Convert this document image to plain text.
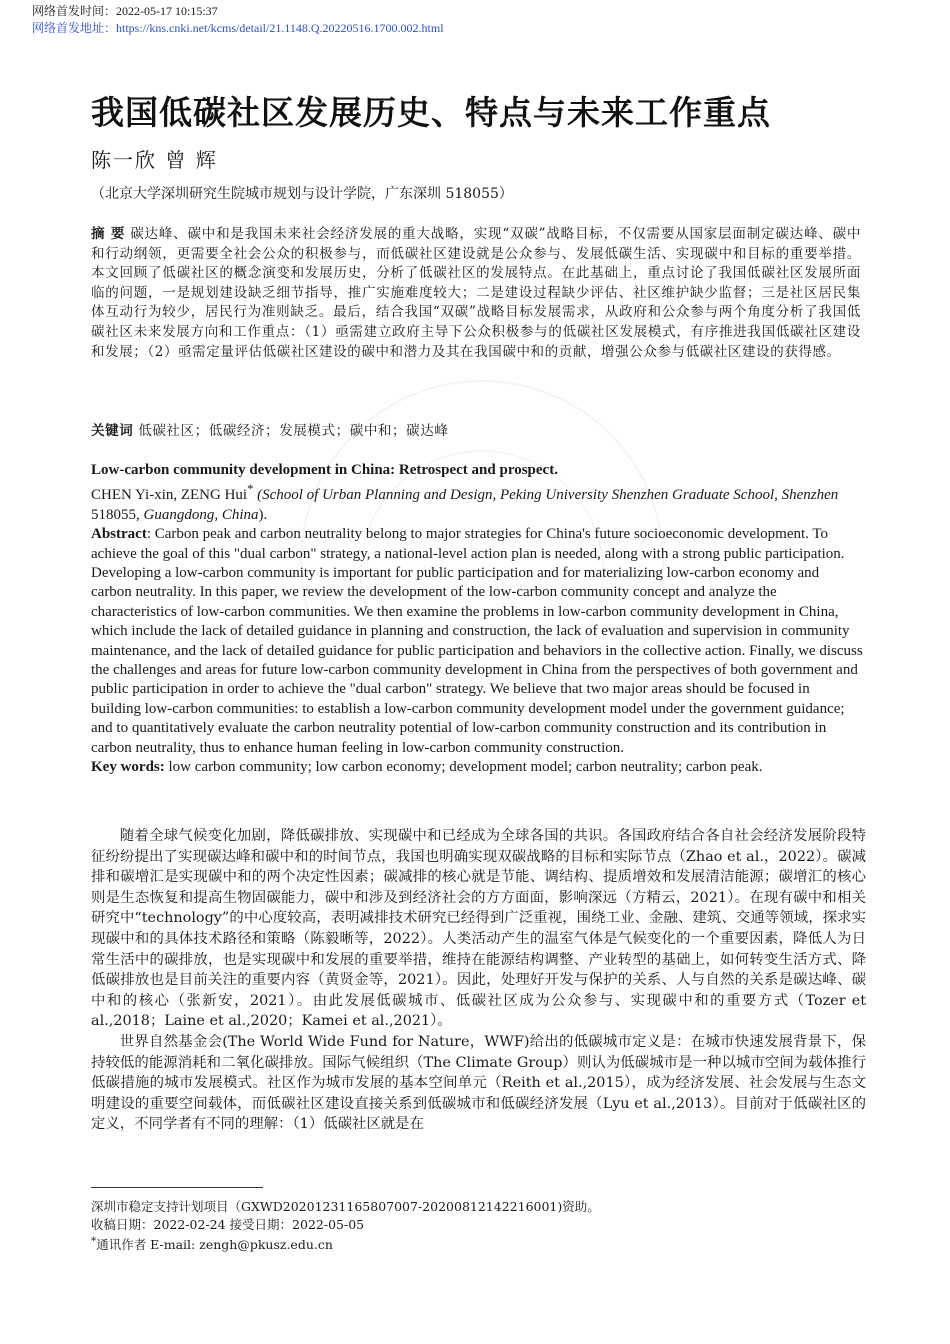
网络首发时间：2022-05-17 10:15:37
网络首发地址：https://kns.cnki.net/kcms/detail/21.1148.Q.20220516.1700.002.html
我国低碳社区发展历史、特点与未来工作重点
陈一欣 曾 辉
（北京大学深圳研究生院城市规划与设计学院，广东深圳 518055）
摘 要 碳达峰、碳中和是我国未来社会经济发展的重大战略，实现“双碳”战略目标，不仅需要从国家层面制定碳达峰、碳中和行动纲领，更需要全社会公众的积极参与，而低碳社区建设就是公众参与、发展低碳生活、实现碳中和目标的重要举措。本文回顾了低碳社区的概念演变和发展历史，分析了低碳社区的发展特点。在此基础上，重点讨论了我国低碳社区发展所面临的问题，一是规划建设缺乏细节指导，推广实施难度较大；二是建设过程缺少评估、社区维护缺少监督；三是社区居民集体互动行为较少，居民行为准则缺乏。最后，结合我国“双碳”战略目标发展需求，从政府和公众参与两个角度分析了我国低碳社区未来发展方向和工作重点：（1）亟需建立政府主导下公众积极参与的低碳社区发展模式，有序推进我国低碳社区建设和发展；（2）亟需定量评估低碳社区建设的碳中和潜力及其在我国碳中和的贡献，增强公众参与低碳社区建设的获得感。
关键词 低碳社区；低碳经济；发展模式；碳中和；碳达峰
Low-carbon community development in China: Retrospect and prospect.
CHEN Yi-xin, ZENG Hui* (School of Urban Planning and Design, Peking University Shenzhen Graduate School, Shenzhen 518055, Guangdong, China).
Abstract: Carbon peak and carbon neutrality belong to major strategies for China's future socioeconomic development. To achieve the goal of this "dual carbon" strategy, a national-level action plan is needed, along with a strong public participation. Developing a low-carbon community is important for public participation and for materializing low-carbon economy and carbon neutrality. In this paper, we review the development of the low-carbon community concept and analyze the characteristics of low-carbon communities. We then examine the problems in low-carbon community development in China, which include the lack of detailed guidance in planning and construction, the lack of evaluation and supervision in community maintenance, and the lack of detailed guidance for public participation and behaviors in the collective action. Finally, we discuss the challenges and areas for future low-carbon community development in China from the perspectives of both government and public participation in order to achieve the "dual carbon" strategy. We believe that two major areas should be focused in building low-carbon communities: to establish a low-carbon community development model under the government guidance; and to quantitatively evaluate the carbon neutrality potential of low-carbon community construction and its contribution in carbon neutrality, thus to enhance human feeling in low-carbon community construction.
Key words: low carbon community; low carbon economy; development model; carbon neutrality; carbon peak.

随着全球气候变化加剧，降低碳排放、实现碳中和已经成为全球各国的共识。各国政府结合各自社会经济发展阶段特征纷纷提出了实现碳达峰和碳中和的时间节点，我国也明确实现双碳战略的目标和实际节点（Zhao et al.，2022）。碳减排和碳增汇是实现碳中和的两个决定性因素；碳减排的核心就是节能、调结构、提质增效和发展清洁能源；碳增汇的核心则是生态恢复和提高生物固碳能力，碳中和涉及到经济社会的方方面面，影响深远（方精云，2021）。在现有碳中和相关研究中“technology”的中心度较高，表明减排技术研究已经得到广泛重视，围绕工业、金融、建筑、交通等领域，探求实现碳中和的具体技术路径和策略（陈毅晰等，2022）。人类活动产生的温室气体是气候变化的一个重要因素，降低人为日常生活中的碳排放，也是实现碳中和发展的重要举措，维持在能源结构调整、产业转型的基础上，如何转变生活方式、降低碳排放也是目前关注的重要内容（黄贤金等，2021）。因此，处理好开发与保护的关系、人与自然的关系是碳达峰、碳中和的核心（张新安，2021）。由此发展低碳城市、低碳社区成为公众参与、实现碳中和的重要方式（Tozer et al.,2018；Laine et al.,2020；Kamei et al.,2021）。

世界自然基金会(The World Wide Fund for Nature，WWF)给出的低碳城市定义是：在城市快速发展背景下，保持较低的能源消耗和二氧化碳排放。国际气候组织（The Climate Group）则认为低碳城市是一种以城市空间为载体推行低碳措施的城市发展模式。社区作为城市发展的基本空间单元（Reith et al.,2015），成为经济发展、社会发展与生态文明建设的重要空间载体，而低碳社区建设直接关系到低碳城市和低碳经济发展（Lyu et al.,2013）。目前对于低碳社区的定义，不同学者有不同的理解：（1）低碳社区就是在

深圳市稳定支持计划项目（GXWD20201231165807007-20200812142216001)资助。
收稿日期：2022-02-24 接受日期：2022-05-05
*通讯作者 E-mail: zengh@pkusz.edu.cn
